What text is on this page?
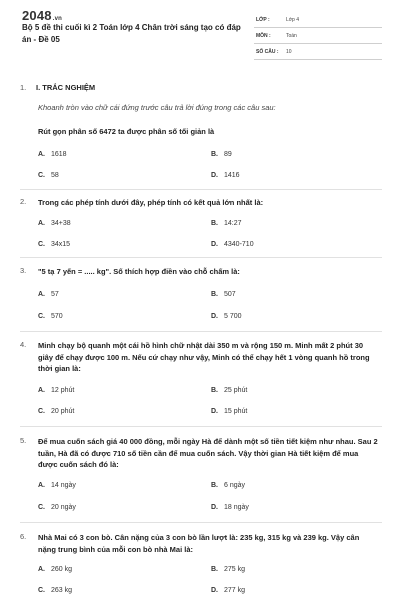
2048.vn
Bộ 5 đề thi cuối kì 2 Toán lớp 4 Chân trời sáng tạo có đáp án - Đề 05
LỚP :	Lớp 4
MÔN :	Toán
SỐ CÂU : 10
1. I. TRẮC NGHIỆM
Khoanh tròn vào chữ cái đứng trước câu trả lời đúng trong các câu sau:
Rút gọn phân số 6472 ta được phân số tối giản là
A. 1618	B. 89
C. 58	D. 1416
2. Trong các phép tính dưới đây, phép tính có kết quả lớn nhất là:
A. 34+38	B. 14:27
C. 34x15	D. 4340-710
3. "5 tạ 7 yến = ..... kg". Số thích hợp điền vào chỗ chấm là:
A. 57	B. 507
C. 570	D. 5 700
4. Minh chạy bộ quanh một cái hồ hình chữ nhật dài 350 m và rộng 150 m. Minh mất 2 phút 30 giây để chạy được 100 m. Nếu cứ chạy như vậy, Minh có thể chạy hết 1 vòng quanh hồ trong thời gian là:
A. 12 phút	B. 25 phút
C. 20 phút	D. 15 phút
5. Để mua cuốn sách giá 40 000 đồng, mỗi ngày Hà để dành một số tiền tiết kiệm như nhau. Sau 2 tuần, Hà đã có được 710 số tiền cần để mua cuốn sách. Vậy thời gian Hà tiết kiệm để mua được cuốn sách đó là:
A. 14 ngày	B. 6 ngày
C. 20 ngày	D. 18 ngày
6. Nhà Mai có 3 con bò. Cân nặng của 3 con bò lần lượt là: 235 kg, 315 kg và 239 kg. Vậy cân nặng trung bình của mỗi con bò nhà Mai là:
A. 260 kg	B. 275 kg
C. 263 kg	D. 277 kg
